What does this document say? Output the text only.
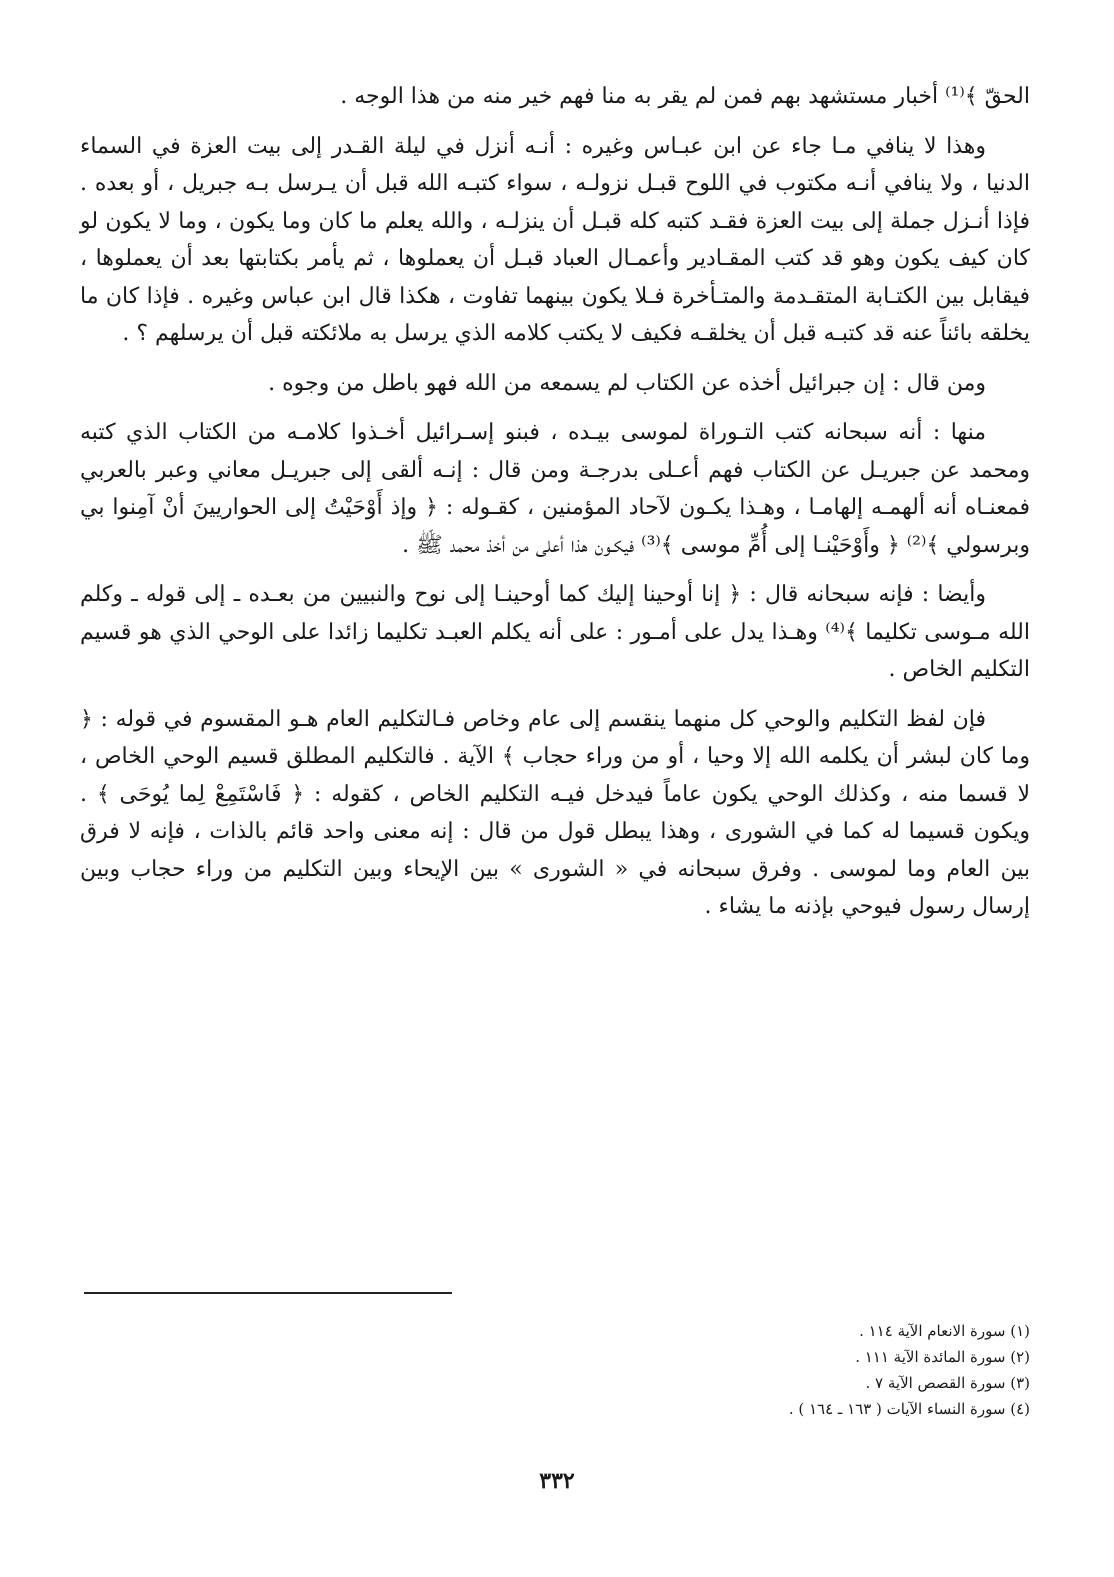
الحقّ ﴾⁽¹⁾ أخبار مستشهد بهم فمن لم يقر به منا فهم خير منه من هذا الوجه .

وهذا لا ينافي مـا جاء عن ابن عبـاس وغيره : أنـه أنزل في ليلة القـدر إلى بيت العزة في السماء الدنيا ، ولا ينافي أنـه مكتوب في اللوح قبـل نزولـه ، سواء كتبـه الله قبل أن يـرسل بـه جبريل ، أو بعده . فإذا أنـزل جملة إلى بيت العزة فقـد كتبه كله قبـل أن ينزلـه ، والله يعلم ما كان وما يكون ، وما لا يكون لو كان كيف يكون وهو قد كتب المقـادير وأعمـال العباد قبـل أن يعملوها ، ثم يأمر بكتابتها بعد أن يعملوها ، فيقابل بين الكتـابة المتقـدمة والمتـأخرة فـلا يكون بينهما تفاوت ، هكذا قال ابن عباس وغيره . فإذا كان ما يخلقه بائناً عنه قد كتبـه قبل أن يخلقـه فكيف لا يكتب كلامه الذي يرسل به ملائكته قبل أن يرسلهم ؟ .

ومن قال : إن جبرائيل أخذه عن الكتاب لم يسمعه من الله فهو باطل من وجوه .

منها : أنه سبحانه كتب التـوراة لموسى بيـده ، فبنو إسـرائيل أخـذوا كلامـه من الكتاب الذي كتبه ومحمد عن جبريـل عن الكتاب فهم أعـلى بدرجـة ومن قال : إنـه ألقى إلى جبريـل معاني وعبر بالعربي فمعنـاه أنه ألهمـه إلهامـا ، وهـذا يكـون لآحاد المؤمنين ، كقـوله : ﴿ وإذ أَوْحَيْتُ إلى الحواريينَ أنْ آمِنوا بي وبرسولي ﴾⁽²⁾ ﴿ وأَوْحَيْنـا إلى أُمِّ موسى ﴾⁽³⁾ فيكـون هذا أعلى من أخذ محمد ﷺ .

وأيضا : فإنه سبحانه قال : ﴿ إنا أوحينا إليك كما أوحينـا إلى نوح والنبيين من بعـده ـ إلى قوله ـ وكلم الله مـوسى تكليما ﴾⁽⁴⁾ وهـذا يدل على أمـور : على أنه يكلم العبـد تكليما زائدا على الوحي الذي هو قسيم التكليم الخاص .

فإن لفظ التكليم والوحي كل منهما ينقسم إلى عام وخاص فـالتكليم العام هـو المقسوم في قوله : ﴿ وما كان لبشر أن يكلمه الله إلا وحيا ، أو من وراء حجاب ﴾ الآية . فالتكليم المطلق قسيم الوحي الخاص ، لا قسما منه ، وكذلك الوحي يكون عاماً فيدخل فيـه التكليم الخاص ، كقوله : ﴿ فَاسْتَمِعْ لِما يُوحَى ﴾ . ويكون قسيما له كما في الشورى ، وهذا يبطل قول من قال : إنه معنى واحد قائم بالذات ، فإنه لا فرق بين العام وما لموسى . وفرق سبحانه في « الشورى » بين الإيحاء وبين التكليم من وراء حجاب وبين إرسال رسول فيوحي بإذنه ما يشاء .

(١) سورة الانعام الآية ١١٤ .

(٢) سورة المائدة الآية ١١١ .

(٣) سورة القصص الآية ٧ .

(٤) سورة النساء الآيات ( ١٦٣ ـ ١٦٤ ) .

٣٣٢
